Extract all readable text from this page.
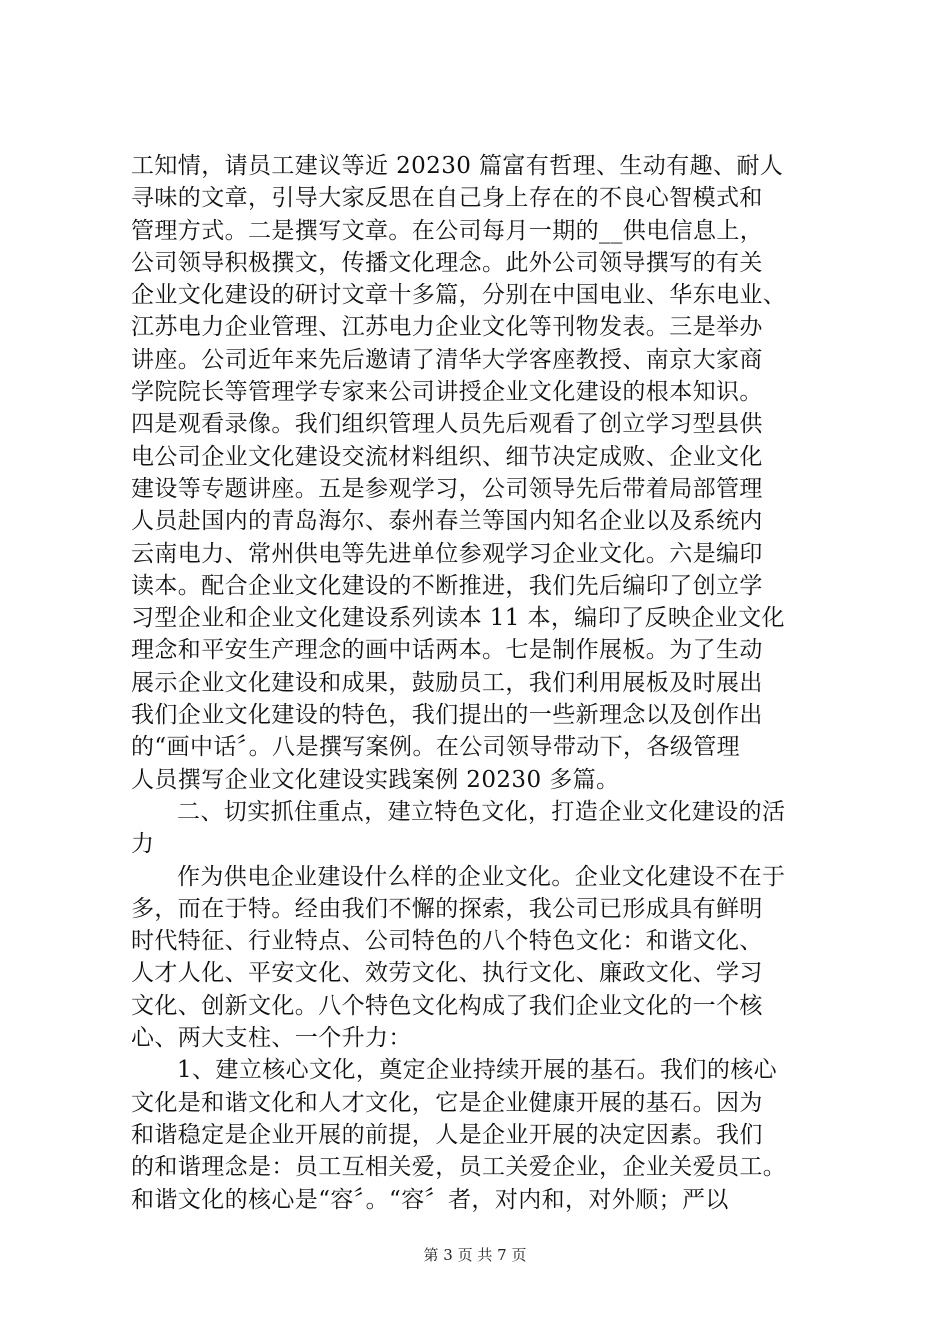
工知情，请员工建议等近 20230 篇富有哲理、生动有趣、耐人
寻味的文章，引导大家反思在自己身上存在的不良心智模式和
管理方式。二是撰写文章。在公司每月一期的__供电信息上，
公司领导积极撰文，传播文化理念。此外公司领导撰写的有关
企业文化建设的研讨文章十多篇，分别在中国电业、华东电业、
江苏电力企业管理、江苏电力企业文化等刊物发表。三是举办
讲座。公司近年来先后邀请了清华大学客座教授、南京大家商
学院院长等管理学专家来公司讲授企业文化建设的根本知识。
四是观看录像。我们组织管理人员先后观看了创立学习型县供
电公司企业文化建设交流材料组织、细节决定成败、企业文化
建设等专题讲座。五是参观学习，公司领导先后带着局部管理
人员赴国内的青岛海尔、泰州春兰等国内知名企业以及系统内
云南电力、常州供电等先进单位参观学习企业文化。六是编印
读本。配合企业文化建设的不断推进，我们先后编印了创立学
习型企业和企业文化建设系列读本 11 本，编印了反映企业文化
理念和平安生产理念的画中话两本。七是制作展板。为了生动
展示企业文化建设和成果，鼓励员工，我们利用展板及时展出
我们企业文化建设的特色，我们提出的一些新理念以及创作出
的“画中话〞。八是撰写案例。在公司领导带动下，各级管理
人员撰写企业文化建设实践案例 20230 多篇。
二、切实抓住重点，建立特色文化，打造企业文化建设的活
力
作为供电企业建设什么样的企业文化。企业文化建设不在于
多，而在于特。经由我们不懈的探索，我公司已形成具有鲜明
时代特征、行业特点、公司特色的八个特色文化：和谐文化、
人才人化、平安文化、效劳文化、执行文化、廉政文化、学习
文化、创新文化。八个特色文化构成了我们企业文化的一个核
心、两大支柱、一个升力：
1、建立核心文化，奠定企业持续开展的基石。我们的核心
文化是和谐文化和人才文化，它是企业健康开展的基石。因为
和谐稳定是企业开展的前提，人是企业开展的决定因素。我们
的和谐理念是：员工互相关爱，员工关爱企业，企业关爱员工。
和谐文化的核心是“容〞。“容〞者，对内和，对外顺；严以
第 3 页 共 7 页
